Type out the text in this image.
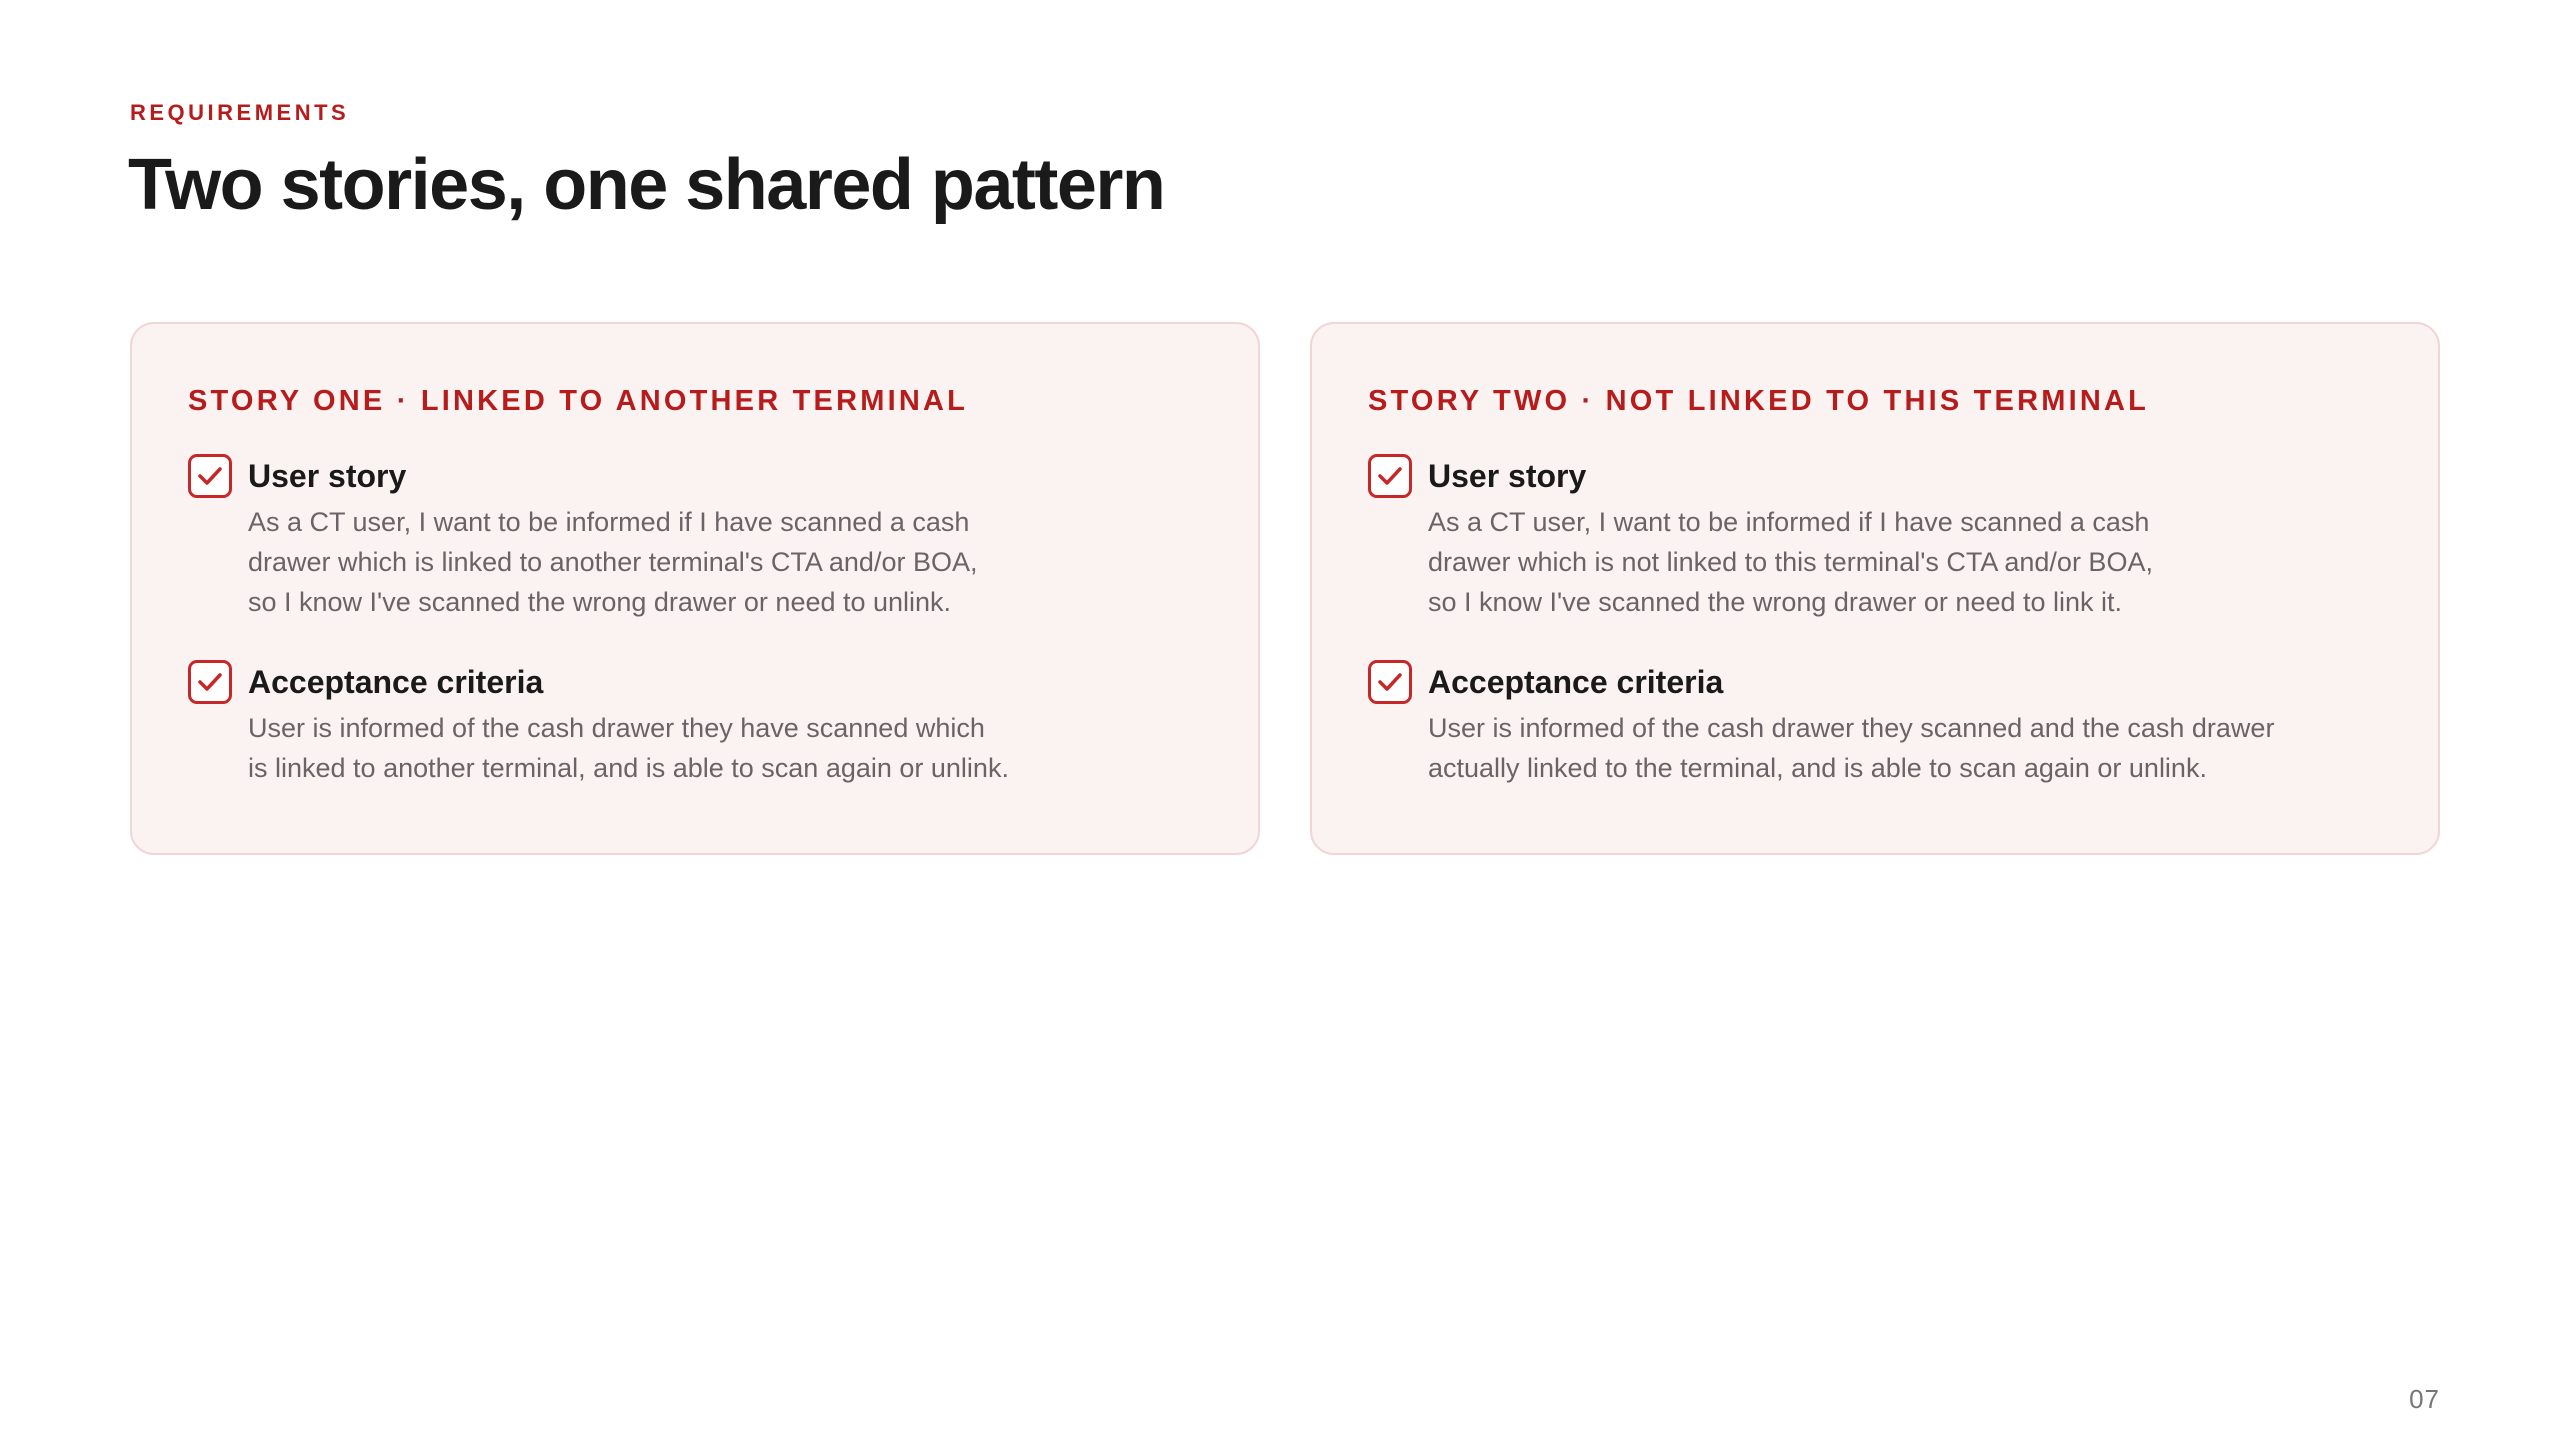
REQUIREMENTS
Two stories, one shared pattern
STORY ONE · LINKED TO ANOTHER TERMINAL
User story
As a CT user, I want to be informed if I have scanned a cash
drawer which is linked to another terminal's CTA and/or BOA,
so I know I've scanned the wrong drawer or need to unlink.
Acceptance criteria
User is informed of the cash drawer they have scanned which
is linked to another terminal, and is able to scan again or unlink.
STORY TWO · NOT LINKED TO THIS TERMINAL
User story
As a CT user, I want to be informed if I have scanned a cash
drawer which is not linked to this terminal's CTA and/or BOA,
so I know I've scanned the wrong drawer or need to link it.
Acceptance criteria
User is informed of the cash drawer they scanned and the cash drawer
actually linked to the terminal, and is able to scan again or unlink.
07
